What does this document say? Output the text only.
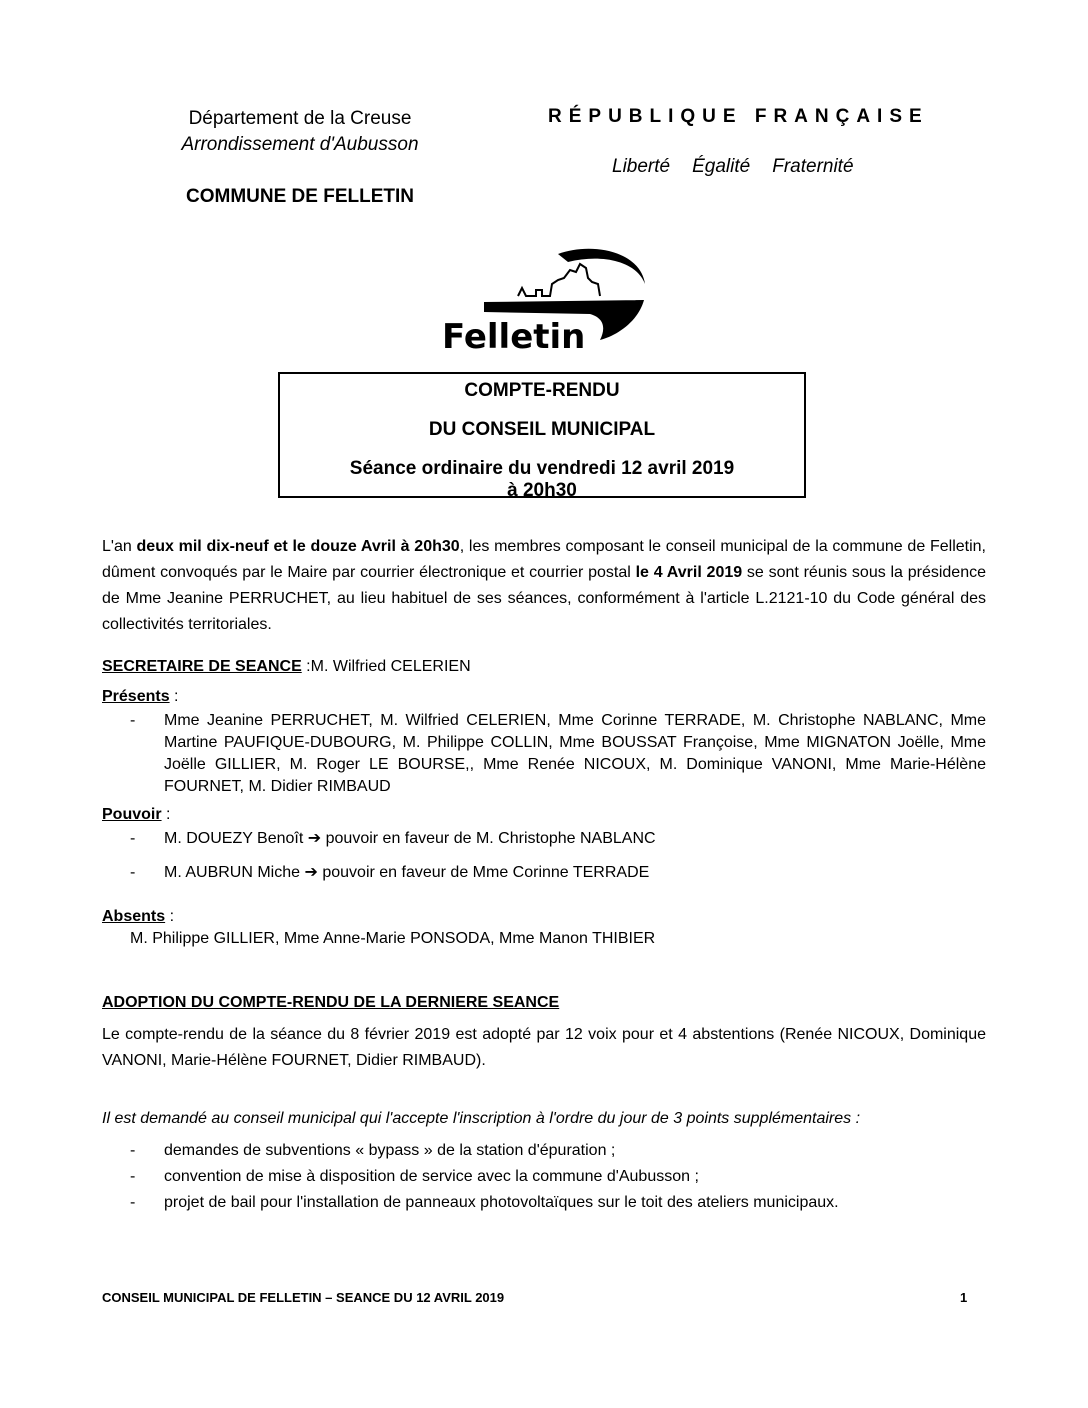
Département de la Creuse
Arrondissement d'Aubusson
COMMUNE DE FELLETIN
RÉPUBLIQUE FRANÇAISE
Liberté Égalité Fraternité
Felletin
COMPTE-RENDU
DU CONSEIL MUNICIPAL
Séance ordinaire du vendredi 12 avril 2019
à 20h30
L'an deux mil dix-neuf et le douze Avril à 20h30, les membres composant le conseil municipal de la commune de Felletin, dûment convoqués par le Maire par courrier électronique et courrier postal le 4 Avril 2019 se sont réunis sous la présidence de Mme Jeanine PERRUCHET, au lieu habituel de ses séances, conformément à l'article L.2121-10 du Code général des collectivités territoriales.
SECRETAIRE DE SEANCE :M. Wilfried CELERIEN
Présents :
- Mme Jeanine PERRUCHET, M. Wilfried CELERIEN, Mme Corinne TERRADE, M. Christophe NABLANC, Mme Martine PAUFIQUE-DUBOURG, M. Philippe COLLIN, Mme BOUSSAT Françoise, Mme MIGNATON Joëlle, Mme Joëlle GILLIER, M. Roger LE BOURSE,, Mme Renée NICOUX, M. Dominique VANONI, Mme Marie-Hélène FOURNET, M. Didier RIMBAUD
Pouvoir :
- M. DOUEZY Benoît ➔ pouvoir en faveur de M. Christophe NABLANC
- M. AUBRUN Miche ➔ pouvoir en faveur de Mme Corinne TERRADE
Absents :
M. Philippe GILLIER, Mme Anne-Marie PONSODA, Mme Manon THIBIER
ADOPTION DU COMPTE-RENDU DE LA DERNIERE SEANCE
Le compte-rendu de la séance du 8 février 2019 est adopté par 12 voix pour et 4 abstentions (Renée NICOUX, Dominique VANONI, Marie-Hélène FOURNET, Didier RIMBAUD).
Il est demandé au conseil municipal qui l'accepte l'inscription à l'ordre du jour de 3 points supplémentaires :
- demandes de subventions « bypass » de la station d'épuration ;
- convention de mise à disposition de service avec la commune d'Aubusson ;
- projet de bail pour l'installation de panneaux photovoltaïques sur le toit des ateliers municipaux.
CONSEIL MUNICIPAL DE FELLETIN – SEANCE DU 12 AVRIL 2019	1
